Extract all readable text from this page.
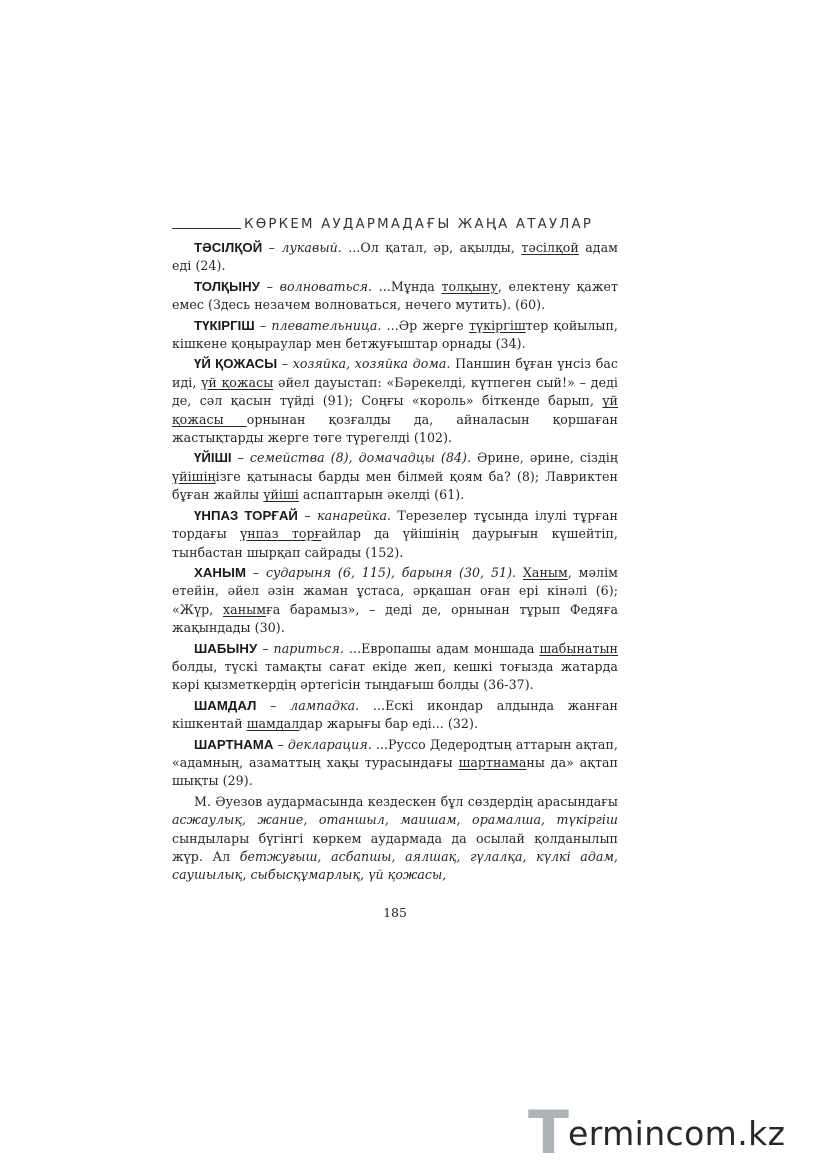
КӨРКЕМ АУДАРМАДАҒЫ ЖАҢА АТАУЛАР

ТӘСІЛҚОЙ – лукавый. ...Ол қатал, әр, ақылды, тәсілқой адам еді (24).

ТОЛҚЫНУ – волноваться. ...Мұнда толқыну, електену қажет емес (Здесь незачем волноваться, нечего мутить). (60).

ТҮКІРГІШ – плевательница. ...Әр жерге түкіргіштер қойылып, кішкене қоңыраулар мен бетжуғыштар орнады (34).

ҮЙ ҚОЖАСЫ – хозяйка, хозяйка дома. Паншин бұған үнсіз бас иді, үй қожасы әйел дауыстап: «Бәрекелді, күтпеген сый!» – деді де, сәл қасын түйді (91); Соңғы «король» біткенде барып, үй қожасы орнынан қозғалды да, айналасын қоршаған жастықтарды жерге төге түрегелді (102).

ҮЙІШІ – семейства (8), домачадцы (84). Әрине, әрине, сіздің үйішіңізге қатынасы барды мен білмей қоям ба? (8); Лавриктен бұған жайлы үйіші аспаптарын әкелді (61).

ҮНПАЗ ТОРҒАЙ – канарейка. Терезелер тұсында ілулі тұрған тордағы үнпаз торғайлар да үйішінің даурығын күшейтіп, тынбастан шырқап сайрады (152).

ХАНЫМ – сударыня (6, 115), барыня (30, 51). Ханым, мәлім етейін, әйел әзін жаман ұстаса, әрқашан оған ері кінәлі (6); «Жүр, ханымға барамыз», – деді де, орнынан тұрып Федяға жақындады (30).

ШАБЫНУ – париться. ...Европашы адам моншада шабынатын болды, түскі тамақты сағат екіде жеп, кешкі тоғызда жатарда кәрі қызметкердің әртегісін тыңдағыш болды (36-37).

ШАМДАЛ – лампадка. ...Ескі икондар алдында жанған кішкентай шамдалдар жарығы бар еді... (32).

ШАРТНАМА – декларация. ...Руссо Дедеродтың аттарын ақтап, «адамның, азаматтың хақы турасындағы шартнаманы да» ақтап шықты (29).

М. Әуезов аудармасында кездескен бұл сөздердің арасындағы асжаулық, жание, отаншыл, маишам, орамалша, түкіргіш сындылары бүгінгі көркем аудармада да осылай қолданылып жүр. Ал бетжуғыш, асбапшы, аялшақ, гүлалқа, күлкі адам, саушылық, сыбысқұмарлық, үй қожасы,

185
T ermincom.kz
